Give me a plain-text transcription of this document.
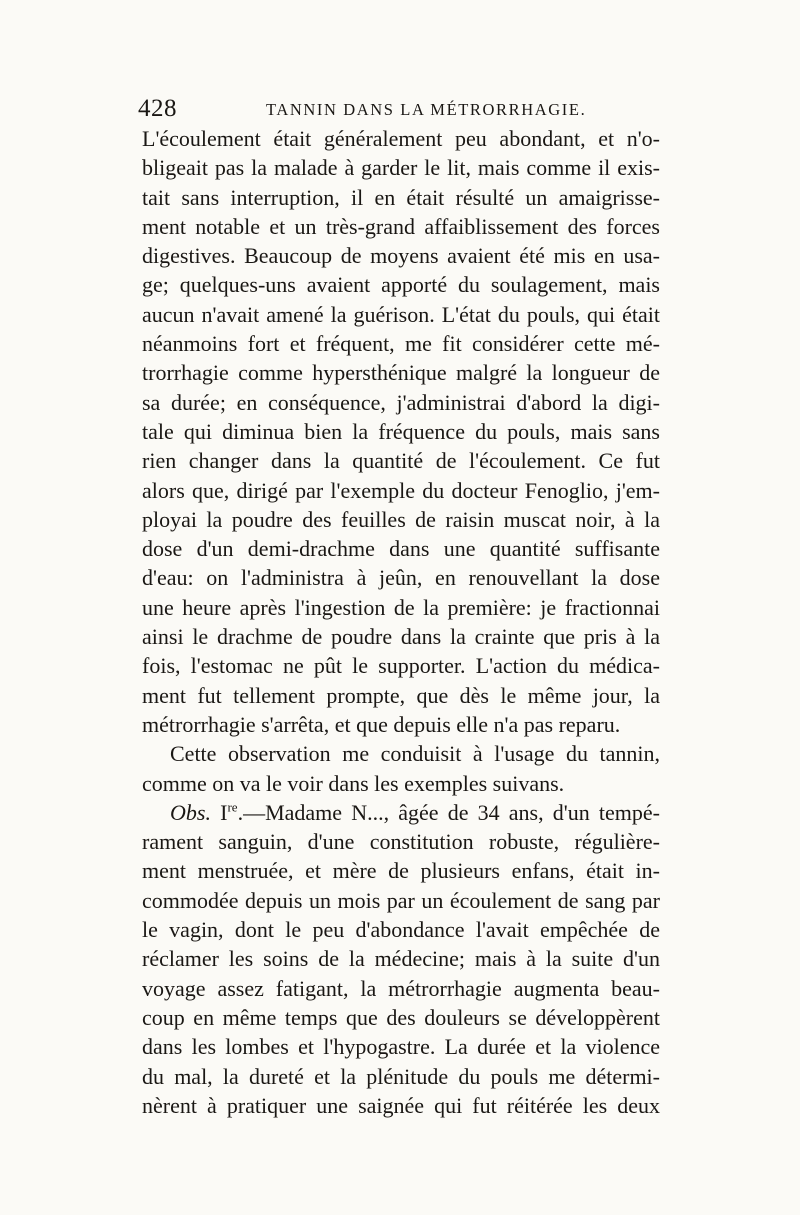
428	TANNIN DANS LA MÉTRORRHAGIE.
L'écoulement était généralement peu abondant, et n'o-
bligeait pas la malade à garder le lit, mais comme il exis-
tait sans interruption, il en était résulté un amaigrisse-
ment notable et un très-grand affaiblissement des forces
digestives. Beaucoup de moyens avaient été mis en usa-
ge; quelques-uns avaient apporté du soulagement, mais
aucun n'avait amené la guérison. L'état du pouls, qui était
néanmoins fort et fréquent, me fit considérer cette mé-
trorrhagie comme hypersthénique malgré la longueur de
sa durée; en conséquence, j'administrai d'abord la digi-
tale qui diminua bien la fréquence du pouls, mais sans
rien changer dans la quantité de l'écoulement. Ce fut
alors que, dirigé par l'exemple du docteur Fenoglio, j'em-
ployai la poudre des feuilles de raisin muscat noir, à la
dose d'un demi-drachme dans une quantité suffisante
d'eau: on l'administra à jeûn, en renouvellant la dose
une heure après l'ingestion de la première: je fractionnai
ainsi le drachme de poudre dans la crainte que pris à la
fois, l'estomac ne pût le supporter. L'action du médica-
ment fut tellement prompte, que dès le même jour, la
métrorrhagie s'arrêta, et que depuis elle n'a pas reparu.
Cette observation me conduisit à l'usage du tannin,
comme on va le voir dans les exemples suivans.
Obs. Ire.—Madame N..., âgée de 34 ans, d'un tempé-
rament sanguin, d'une constitution robuste, régulière-
ment menstruée, et mère de plusieurs enfans, était in-
commodée depuis un mois par un écoulement de sang par
le vagin, dont le peu d'abondance l'avait empêchée de
réclamer les soins de la médecine; mais à la suite d'un
voyage assez fatigant, la métrorrhagie augmenta beau-
coup en même temps que des douleurs se développèrent
dans les lombes et l'hypogastre. La durée et la violence
du mal, la dureté et la plénitude du pouls me détermi-
nèrent à pratiquer une saignée qui fut réitérée les deux
